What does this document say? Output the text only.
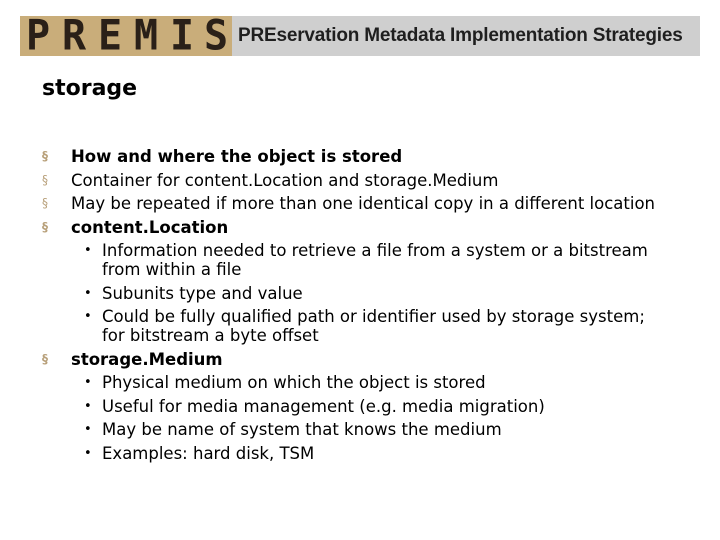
P R E M I S PREservation Metadata Implementation Strategies
storage
§	How and where the object is stored
§	Container for content.Location and storage.Medium
§	May be repeated if more than one identical copy in a different location
§	content.Location
• Information needed to retrieve a file from a system or a bitstream from within a file
• Subunits type and value
• Could be fully qualified path or identifier used by storage system; for bitstream a byte offset
§	storage.Medium
• Physical medium on which the object is stored
• Useful for media management (e.g. media migration)
• May be name of system that knows the medium
• Examples: hard disk, TSM
